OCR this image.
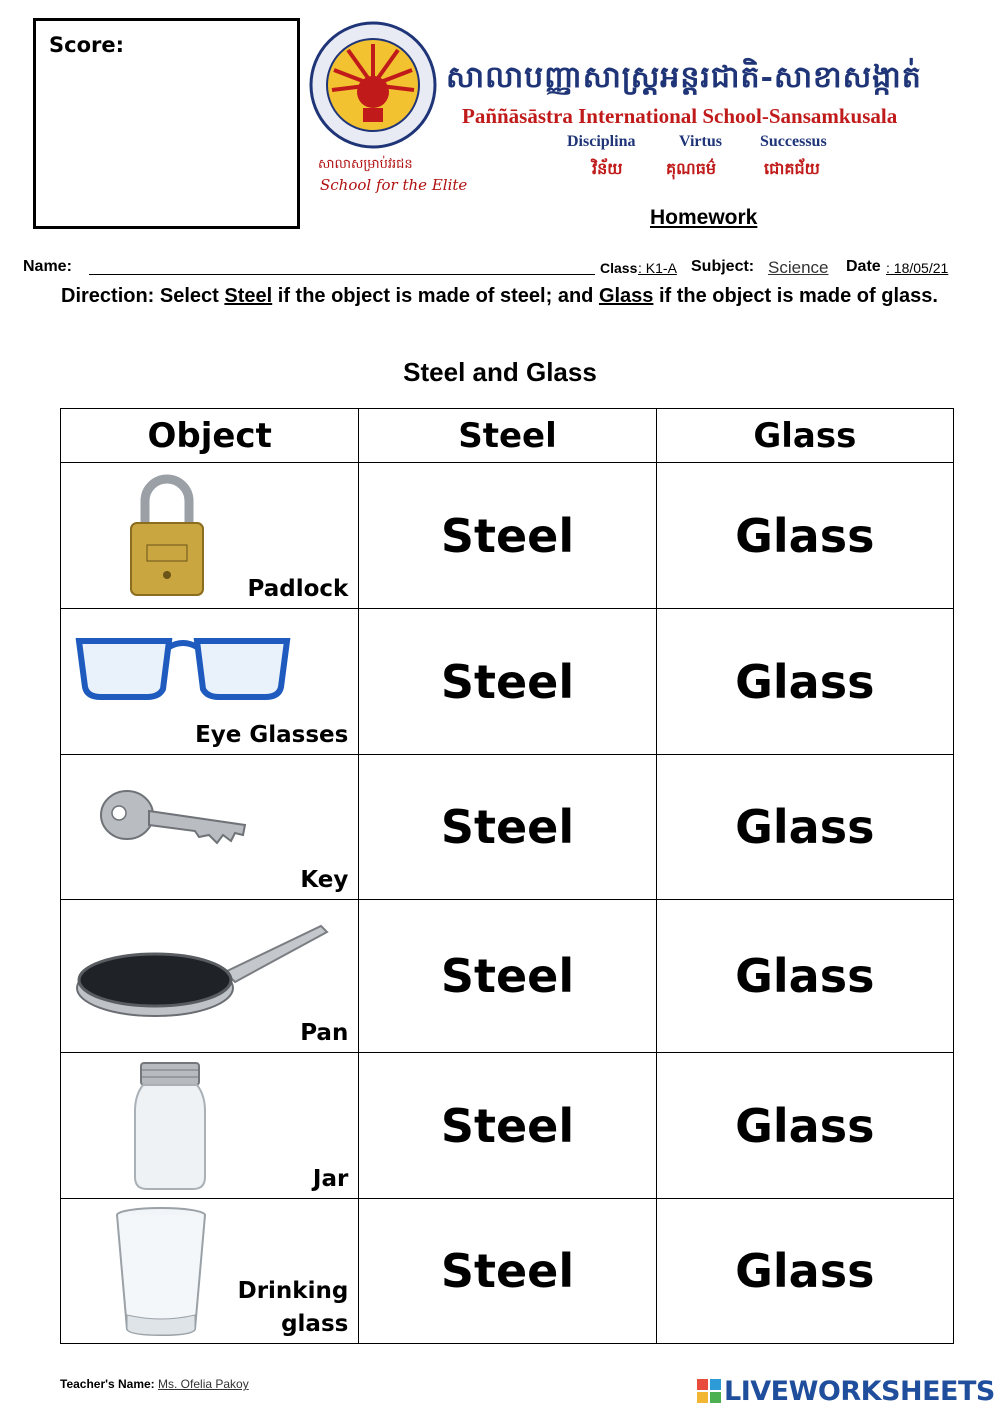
Score:
សាលាសម្រាប់វរជន
School for the Elite
សាលាបញ្ញាសាស្ត្រអន្តរជាតិ-សាខាសង្កាត់
Paññāsāstra International School-Sansamkusala
Disciplina	Virtus Successus
វិន័យ	គុណធម៌	ជោគជ័យ
Homework
Name:	Class : K1-A Subject: Science Date : 18/05/21
Direction: Select Steel if the object is made of steel; and Glass if the object is made of glass.
Steel and Glass
Object	Steel	Glass
Padlock
Steel	Glass
Eye Glasses
Steel	Glass
Key
Steel	Glass
Pan
Steel	Glass
Jar
Steel	Glass
Drinking
glass
Steel	Glass
Teacher's Name: Ms. Ofelia Pakoy	LIVEWORKSHEETS
